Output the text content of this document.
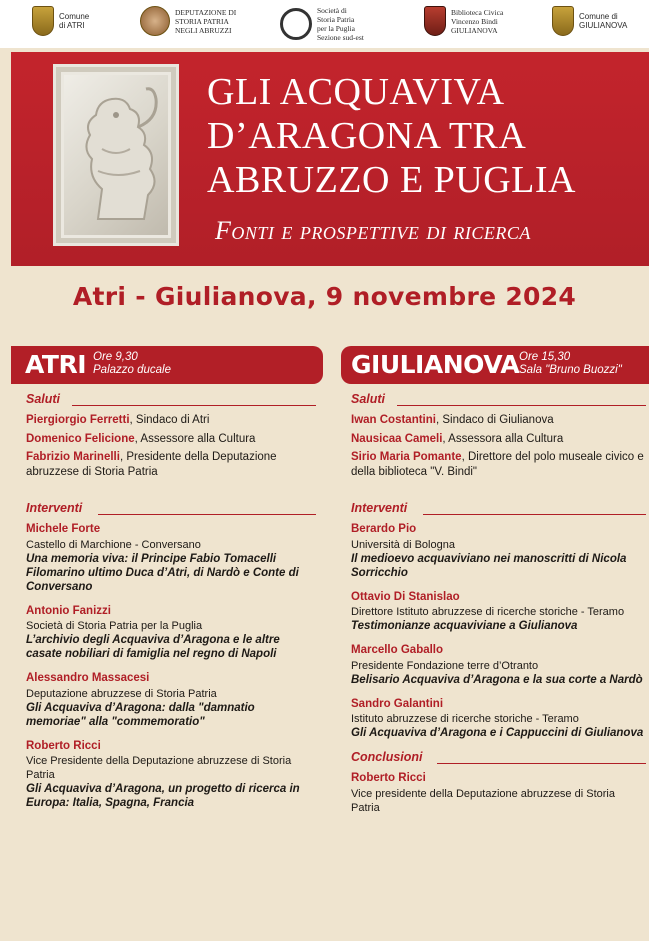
Comune
di ATRI
DEPUTAZIONE DI
STORIA PATRIA
NEGLI ABRUZZI
Società di
Storia Patria
per la Puglia
Sezione sud-est
Biblioteca Civica
Vincenzo Bindi
GIULIANOVA
Comune di
GIULIANOVA
GLI ACQUAVIVA
D’ARAGONA TRA
ABRUZZO E PUGLIA
Fonti e prospettive di ricerca
Atri - Giulianova, 9 novembre 2024
ATRI Ore 9,30
Palazzo ducale	GIULIANOVA Ore 15,30
Sala "Bruno Buozzi"
Saluti
Piergiorgio Ferretti, Sindaco di Atri
Domenico Felicione, Assessore alla Cultura
Fabrizio Marinelli, Presidente della Deputazione abruzzese di Storia Patria
Interventi
Michele Forte
Castello di Marchione - Conversano
Una memoria viva: il Principe Fabio Tomacelli Filomarino ultimo Duca d’Atri, di Nardò e Conte di Conversano
Antonio Fanizzi
Società di Storia Patria per la Puglia
L’archivio degli Acquaviva d’Aragona e le altre casate nobiliari di famiglia nel regno di Napoli
Alessandro Massacesi
Deputazione abruzzese di Storia Patria
Gli Acquaviva d’Aragona: dalla "damnatio memoriae" alla "commemoratio"
Roberto Ricci
Vice Presidente della Deputazione abruzzese di Storia Patria
Gli Acquaviva d’Aragona, un progetto di ricerca in Europa: Italia, Spagna, Francia
Saluti
Iwan Costantini, Sindaco di Giulianova
Nausicaa Cameli, Assessora alla Cultura
Sirio Maria Pomante, Direttore del polo museale civico e della biblioteca "V. Bindi"
Interventi
Berardo Pio
Università di Bologna
Il medioevo acquaviviano nei manoscritti di Nicola Sorricchio
Ottavio Di Stanislao
Direttore Istituto abruzzese di ricerche storiche - Teramo
Testimonianze acquaviviane a Giulianova
Marcello Gaballo
Presidente Fondazione terre d’Otranto
Belisario Acquaviva d’Aragona e la sua corte a Nardò
Sandro Galantini
Istituto abruzzese di ricerche storiche - Teramo
Gli Acquaviva d’Aragona e i Cappuccini di Giulianova
Conclusioni
Roberto Ricci
Vice presidente della Deputazione abruzzese di Storia Patria
